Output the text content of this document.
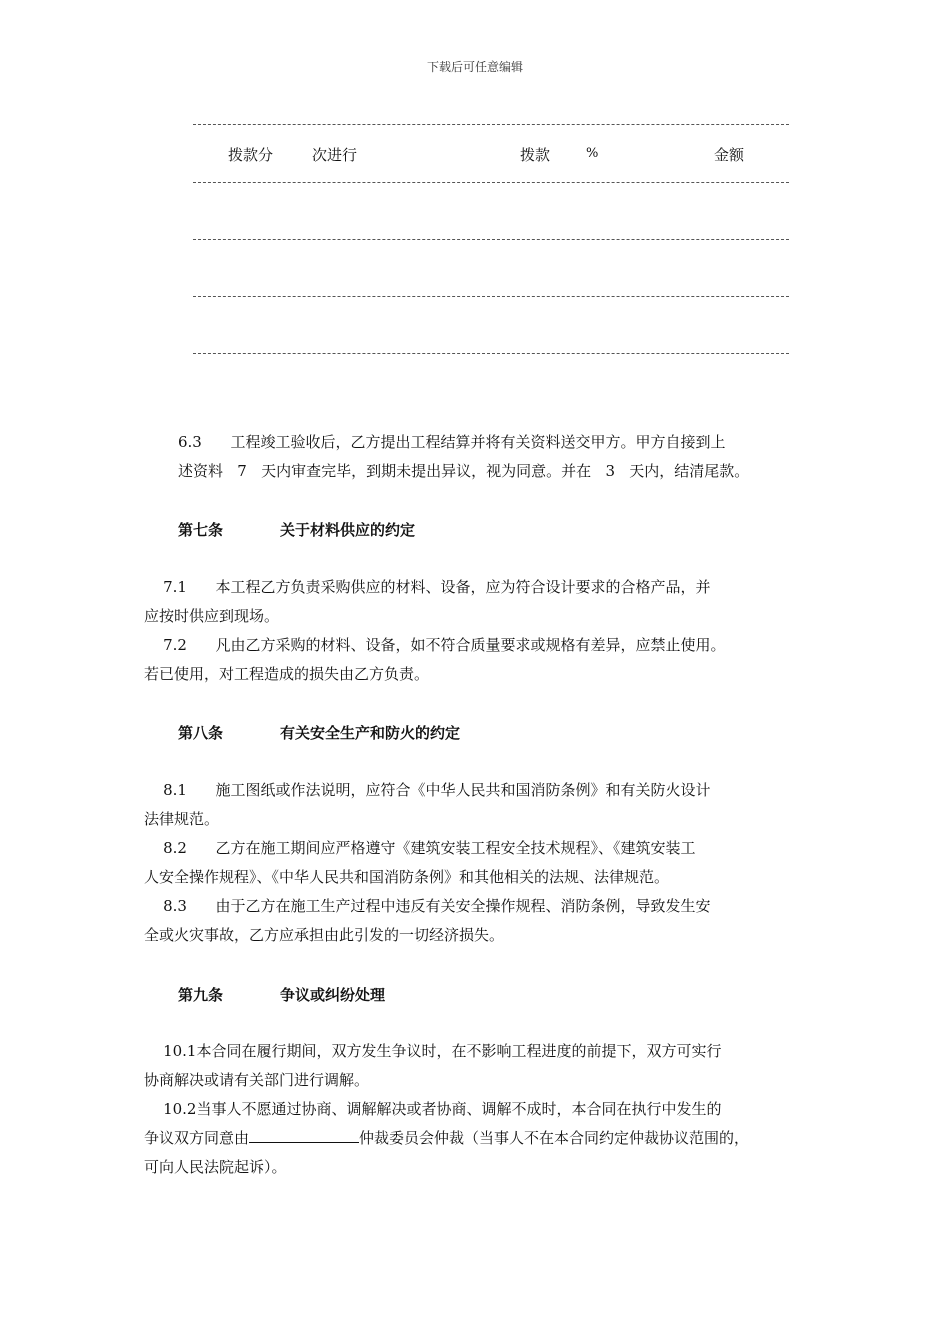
下载后可任意编辑
拨款分	次进行	拨款	%	金额
6.3      工程竣工验收后，乙方提出工程结算并将有关资料送交甲方。甲方自接到上
述资料   7   天内审查完毕，到期未提出异议，视为同意。并在   3   天内，结清尾款。
第七条	关于材料供应的约定
7.1      本工程乙方负责采购供应的材料、设备，应为符合设计要求的合格产品，并
应按时供应到现场。
7.2      凡由乙方采购的材料、设备，如不符合质量要求或规格有差异，应禁止使用。
若已使用，对工程造成的损失由乙方负责。
第八条	有关安全生产和防火的约定
8.1      施工图纸或作法说明，应符合《中华人民共和国消防条例》和有关防火设计
法律规范。
8.2      乙方在施工期间应严格遵守《建筑安装工程安全技术规程》、《建筑安装工
人安全操作规程》、《中华人民共和国消防条例》和其他相关的法规、法律规范。
8.3      由于乙方在施工生产过程中违反有关安全操作规程、消防条例，导致发生安
全或火灾事故，乙方应承担由此引发的一切经济损失。
第九条	争议或纠纷处理
10.1本合同在履行期间，双方发生争议时，在不影响工程进度的前提下，双方可实行
协商解决或请有关部门进行调解。
10.2当事人不愿通过协商、调解解决或者协商、调解不成时，本合同在执行中发生的
争议双方同意由	仲裁委员会仲裁（当事人不在本合同约定仲裁协议范围的，
可向人民法院起诉）。
